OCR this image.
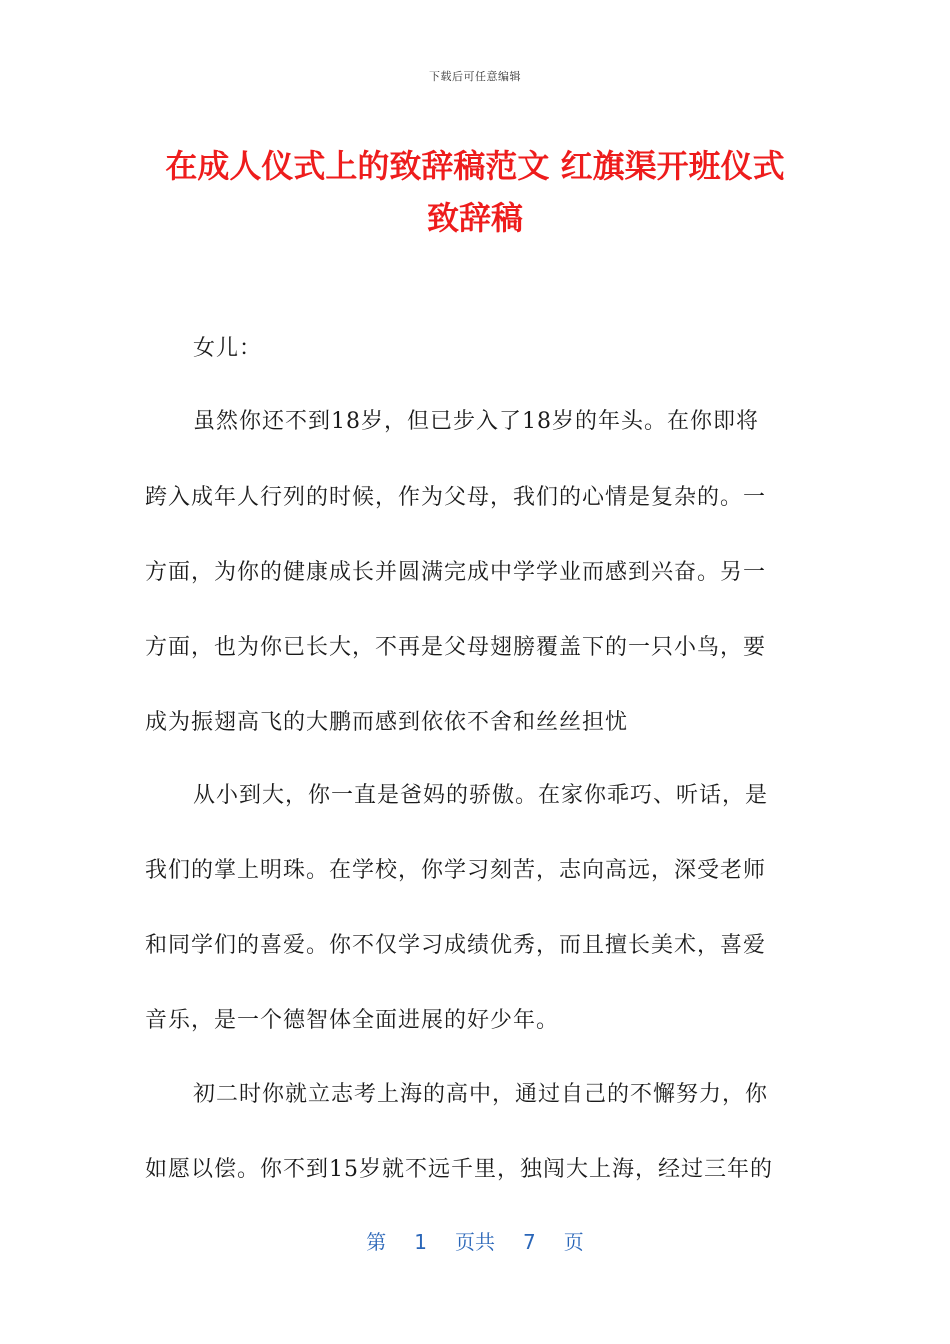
下载后可任意编辑
在成人仪式上的致辞稿范文 红旗渠开班仪式
致辞稿
女儿：
虽然你还不到18岁，但已步入了18岁的年头。在你即将
跨入成年人行列的时候，作为父母，我们的心情是复杂的。一
方面，为你的健康成长并圆满完成中学学业而感到兴奋。另一
方面，也为你已长大，不再是父母翅膀覆盖下的一只小鸟，要
成为振翅高飞的大鹏而感到依依不舍和丝丝担忧
从小到大，你一直是爸妈的骄傲。在家你乖巧、听话，是
我们的掌上明珠。在学校，你学习刻苦，志向高远，深受老师
和同学们的喜爱。你不仅学习成绩优秀，而且擅长美术，喜爱
音乐，是一个德智体全面进展的好少年。
初二时你就立志考上海的高中，通过自己的不懈努力，你
如愿以偿。你不到15岁就不远千里，独闯大上海，经过三年的
第 1 页共 7 页
